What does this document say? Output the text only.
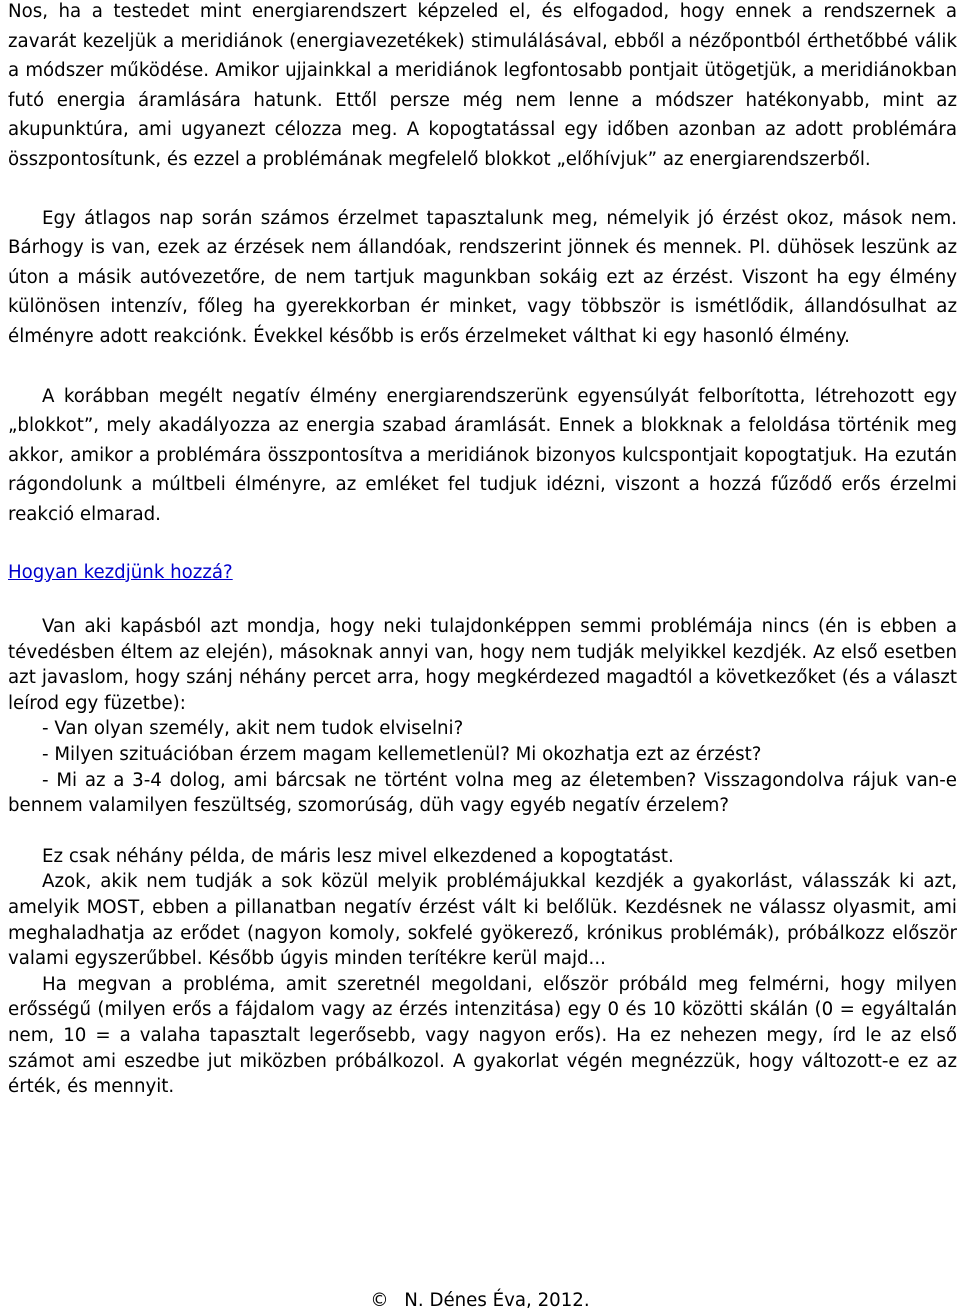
Nos, ha a testedet mint energiarendszert képzeled el, és elfogadod, hogy ennek a rendszernek a zavarát kezeljük a meridiánok (energiavezetékek) stimulálásával, ebből a nézőpontból érthetőbbé válik a módszer működése. Amikor ujjainkkal a meridiánok legfontosabb pontjait ütögetjük, a meridiánokban futó energia áramlására hatunk. Ettől persze még nem lenne a módszer hatékonyabb, mint az akupunktúra, ami ugyanezt célozza meg. A kopogtatással egy időben azonban az adott problémára összpontosítunk, és ezzel a problémának megfelelő blokkot „előhívjuk” az energiarendszerből.

Egy átlagos nap során számos érzelmet tapasztalunk meg, némelyik jó érzést okoz, mások nem. Bárhogy is van, ezek az érzések nem állandóak, rendszerint jönnek és mennek. Pl. dühösek leszünk az úton a másik autóvezetőre, de nem tartjuk magunkban sokáig ezt az érzést. Viszont ha egy élmény különösen intenzív, főleg ha gyerekkorban ér minket, vagy többször is ismétlődik, állandósulhat az élményre adott reakciónk. Évekkel később is erős érzelmeket válthat ki egy hasonló élmény.

A korábban megélt negatív élmény energiarendszerünk egyensúlyát felborította, létrehozott egy „blokkot”, mely akadályozza az energia szabad áramlását. Ennek a blokknak a feloldása történik meg akkor, amikor a problémára összpontosítva a meridiánok bizonyos kulcspontjait kopogtatjuk. Ha ezután rágondolunk a múltbeli élményre, az emléket fel tudjuk idézni, viszont a hozzá fűződő erős érzelmi reakció elmarad.

Hogyan kezdjünk hozzá?

Van aki kapásból azt mondja, hogy neki tulajdonképpen semmi problémája nincs (én is ebben a tévedésben éltem az elején), másoknak annyi van, hogy nem tudják melyikkel kezdjék. Az első esetben azt javaslom, hogy szánj néhány percet arra, hogy megkérdezed magadtól a következőket (és a választ leírod egy füzetbe):

- Van olyan személy, akit nem tudok elviselni?

- Milyen szituációban érzem magam kellemetlenül? Mi okozhatja ezt az érzést?

- Mi az a 3-4 dolog, ami bárcsak ne történt volna meg az életemben? Visszagondolva rájuk van-e bennem valamilyen feszültség, szomorúság, düh vagy egyéb negatív érzelem?

Ez csak néhány példa, de máris lesz mivel elkezdened a kopogtatást.

Azok, akik nem tudják a sok közül melyik problémájukkal kezdjék a gyakorlást, válasszák ki azt, amelyik MOST, ebben a pillanatban negatív érzést vált ki belőlük. Kezdésnek ne válassz olyasmit, ami meghaladhatja az erődet (nagyon komoly, sokfelé gyökerező, krónikus problémák), próbálkozz először valami egyszerűbbel. Később úgyis minden terítékre kerül majd...

Ha megvan a probléma, amit szeretnél megoldani, először próbáld meg felmérni, hogy milyen erősségű (milyen erős a fájdalom vagy az érzés intenzitása) egy 0 és 10 közötti skálán (0 = egyáltalán nem, 10 = a valaha tapasztalt legerősebb, vagy nagyon erős). Ha ez nehezen megy, írd le az első számot ami eszedbe jut miközben próbálkozol. A gyakorlat végén megnézzük, hogy változott-e ez az érték, és mennyit.

© N. Dénes Éva, 2012.
